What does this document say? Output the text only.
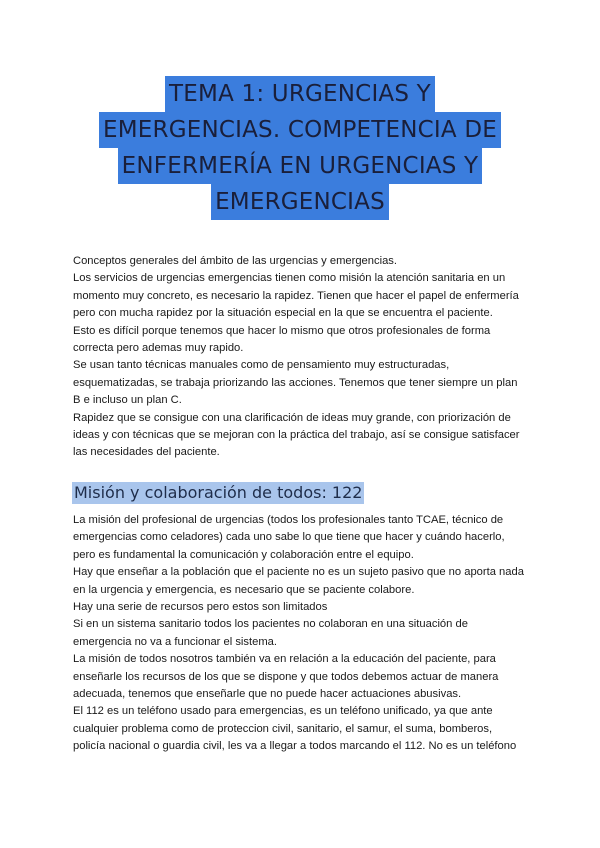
TEMA 1: URGENCIAS Y
EMERGENCIAS. COMPETENCIA DE
ENFERMERÍA EN URGENCIAS Y
EMERGENCIAS

Conceptos generales del ámbito de las urgencias y emergencias.

Los servicios de urgencias emergencias tienen como misión la atención sanitaria en un

momento muy concreto, es necesario la rapidez. Tienen que hacer el papel de enfermería

pero con mucha rapidez por la situación especial en la que se encuentra el paciente.

Esto es difícil porque tenemos que hacer lo mismo que otros profesionales de forma

correcta pero ademas muy rapido.

Se usan tanto técnicas manuales como de pensamiento muy estructuradas,

esquematizadas, se trabaja priorizando las acciones. Tenemos que tener siempre un plan

B e incluso un plan C.

Rapidez que se consigue con una clarificación de ideas muy grande, con priorización de

ideas y con técnicas que se mejoran con la práctica del trabajo, así se consigue satisfacer

las necesidades del paciente.

Misión y colaboración de todos: 122

La misión del profesional de urgencias (todos los profesionales tanto TCAE, técnico de

emergencias como celadores) cada uno sabe lo que tiene que hacer y cuándo hacerlo,

pero es fundamental la comunicación y colaboración entre el equipo.

Hay que enseñar a la población que el paciente no es un sujeto pasivo que no aporta nada

en la urgencia y emergencia, es necesario que se paciente colabore.

Hay una serie de recursos pero estos son limitados

Si en un sistema sanitario todos los pacientes no colaboran en una situación de

emergencia no va a funcionar el sistema.

La misión de todos nosotros también va en relación a la educación del paciente, para

enseñarle los recursos de los que se dispone y que todos debemos actuar de manera

adecuada, tenemos que enseñarle que no puede hacer actuaciones abusivas.

El 112 es un teléfono usado para emergencias, es un teléfono unificado, ya que ante

cualquier problema como de proteccion civil, sanitario, el samur, el suma, bomberos,

policía nacional o guardia civil, les va a llegar a todos marcando el 112. No es un teléfono
